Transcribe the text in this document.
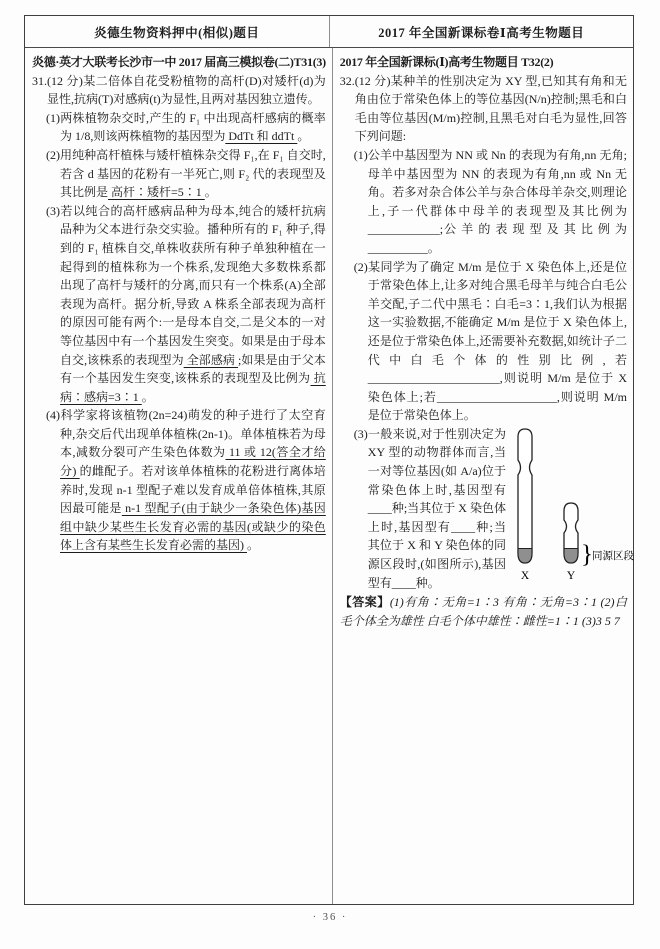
炎德生物资料押中(相似)题目	2017 年全国新课标卷Ⅰ高考生物题目
炎德·英才大联考长沙市一中 2017 届高三模拟卷(二)T31(3)
31.(12 分)某二倍体自花受粉植物的高杆(D)对矮杆(d)为显性,抗病(T)对感病(t)为显性,且两对基因独立遗传。
(1)两株植物杂交时,产生的 F₁ 中出现高杆感病的概率为 1/8,则该两株植物的基因型为 DdTt 和 ddTt 。
(2)用纯种高杆植株与矮杆植株杂交得 F₁,在 F₁ 自交时,若含 d 基因的花粉有一半死亡,则 F₂ 代的表现型及其比例是 高杆∶矮杆=5∶1 。
(3)若以纯合的高杆感病品种为母本,纯合的矮杆抗病品种为父本进行杂交实验。播种所有的 F₁ 种子,得到的 F₁ 植株自交,单株收获所有种子单独种植在一起得到的植株称为一个株系,发现绝大多数株系都出现了高杆与矮杆的分离,而只有一个株系(A)全部表现为高杆。据分析,导致 A 株系全部表现为高杆的原因可能有两个:一是母本自交,二是父本的一对等位基因中有一个基因发生突变。如果是由于母本自交,该株系的表现型为 全部感病 ;如果是由于父本有一个基因发生突变,该株系的表现型及比例为 抗病∶感病=3∶1 。
(4)科学家将该植物(2n=24)萌发的种子进行了太空育种,杂交后代出现单体植株(2n-1)。单体植株若为母本,减数分裂可产生染色体数为 11 或 12(答全才给分) 的雌配子。若对该单体植株的花粉进行离体培养时,发现 n-1 型配子难以发育成单倍体植株,其原因最可能是 n-1 型配子(由于缺少一条染色体)基因组中缺少某些生长发育必需的基因(或缺少的染色体上含有某些生长发育必需的基因) 。
2017 年全国新课标(Ⅰ)高考生物题目 T32(2)
32.(12 分)某种羊的性别决定为 XY 型,已知其有角和无角由位于常染色体上的等位基因(N/n)控制;黑毛和白毛由等位基因(M/m)控制,且黑毛对白毛为显性,回答下列问题:
(1)公羊中基因型为 NN 或 Nn 的表现为有角,nn 无角;母羊中基因型为 NN 的表现为有角,nn 或 Nn 无角。若多对杂合体公羊与杂合体母羊杂交,则理论上,子一代群体中母羊的表现型及其比例为____________;公 羊 的 表 现 型 及 其 比 例 为__________。
(2)某同学为了确定 M/m 是位于 X 染色体上,还是位于常染色体上,让多对纯合黑毛母羊与纯合白毛公羊交配,子二代中黑毛∶白毛=3∶1,我们认为根据这一实验数据,不能确定 M/m 是位于 X 染色体上,还是位于常染色体上,还需要补充数据,如统计子二代中白毛个体的性别比例,若______________________,则说明 M/m 是位于 X 染色体上;若____________________,则说明 M/m 是位于常染色体上。
X	Y
} 同源区段
(3)一般来说,对于性别决定为 XY 型的动物群体而言,当一对等位基因(如 A/a)位于常染色体上时,基因型有____种;当其位于 X 染色体上时,基因型有____种;当其位于 X 和 Y 染色体的同源区段时,(如图所示),基因型有____种。
【答案】(1)有角∶无角=1∶3 有角∶无角=3∶1 (2)白毛个体全为雄性 白毛个体中雄性∶雌性=1∶1 (3)3 5 7
· 36 ·
